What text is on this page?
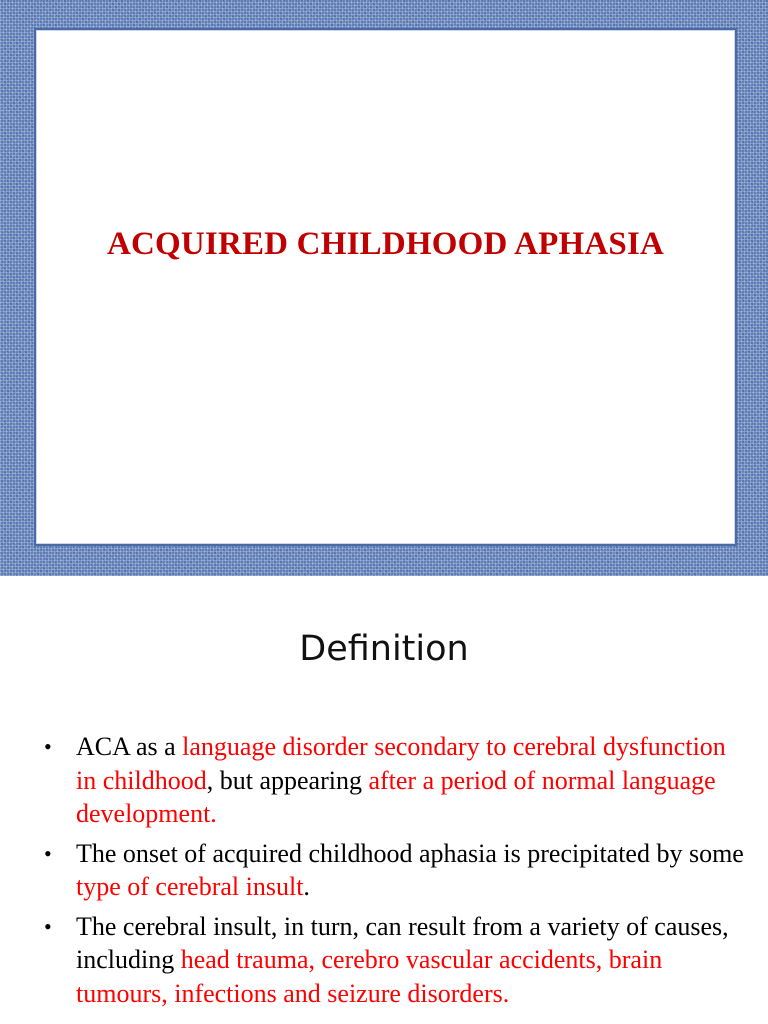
ACQUIRED CHILDHOOD APHASIA
Definition
• ACA as a language disorder secondary to cerebral dysfunction in childhood, but appearing after a period of normal language development.
• The onset of acquired childhood aphasia is precipitated by some type of cerebral insult.
• The cerebral insult, in turn, can result from a variety of causes, including head trauma, cerebro vascular accidents, brain tumours, infections and seizure disorders.
